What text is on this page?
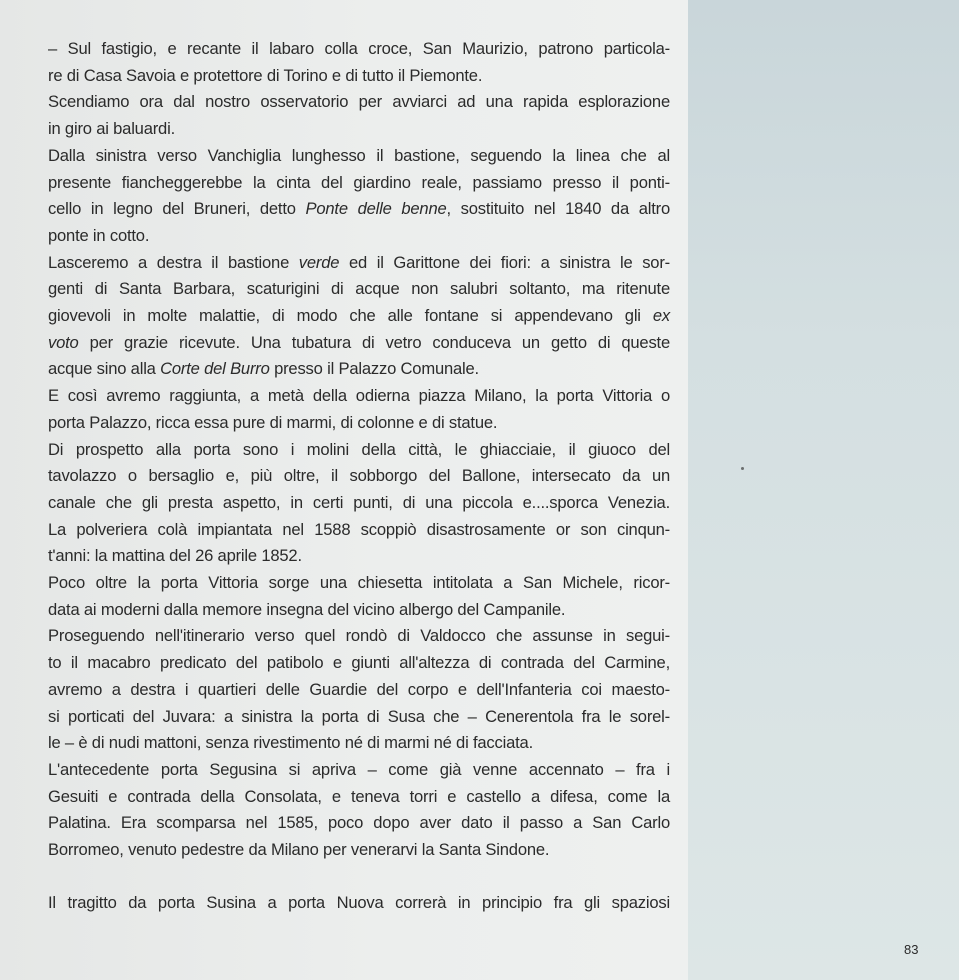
– Sul fastigio, e recante il labaro colla croce, San Maurizio, patrono particola-

re di Casa Savoia e protettore di Torino e di tutto il Piemonte.

Scendiamo ora dal nostro osservatorio per avviarci ad una rapida esplorazione

in giro ai baluardi.

Dalla sinistra verso Vanchiglia lunghesso il bastione, seguendo la linea che al

presente fiancheggerebbe la cinta del giardino reale, passiamo presso il ponti-

cello in legno del Bruneri, detto Ponte delle benne, sostituito nel 1840 da altro

ponte in cotto.

Lasceremo a destra il bastione verde ed il Garittone dei fiori: a sinistra le sor-

genti di Santa Barbara, scaturigini di acque non salubri soltanto, ma ritenute

giovevoli in molte malattie, di modo che alle fontane si appendevano gli ex

voto per grazie ricevute. Una tubatura di vetro conduceva un getto di queste

acque sino alla Corte del Burro presso il Palazzo Comunale.

E così avremo raggiunta, a metà della odierna piazza Milano, la porta Vittoria o

porta Palazzo, ricca essa pure di marmi, di colonne e di statue.

Di prospetto alla porta sono i molini della città, le ghiacciaie, il giuoco del

tavolazzo o bersaglio e, più oltre, il sobborgo del Ballone, intersecato da un

canale che gli presta aspetto, in certi punti, di una piccola e....sporca Venezia.

La polveriera colà impiantata nel 1588 scoppiò disastrosamente or son cinqun-

t'anni: la mattina del 26 aprile 1852.

Poco oltre la porta Vittoria sorge una chiesetta intitolata a San Michele, ricor-

data ai moderni dalla memore insegna del vicino albergo del Campanile.

Proseguendo nell'itinerario verso quel rondò di Valdocco che assunse in segui-

to il macabro predicato del patibolo e giunti all'altezza di contrada del Carmine,

avremo a destra i quartieri delle Guardie del corpo e dell'Infanteria coi maesto-

si porticati del Juvara: a sinistra la porta di Susa che – Cenerentola fra le sorel-

le – è di nudi mattoni, senza rivestimento né di marmi né di facciata.

L'antecedente porta Segusina si apriva – come già venne accennato – fra i

Gesuiti e contrada della Consolata, e teneva torri e castello a difesa, come la

Palatina. Era scomparsa nel 1585, poco dopo aver dato il passo a San Carlo

Borromeo, venuto pedestre da Milano per venerarvi la Santa Sindone.

Il tragitto da porta Susina a porta Nuova correrà in principio fra gli spaziosi

83
